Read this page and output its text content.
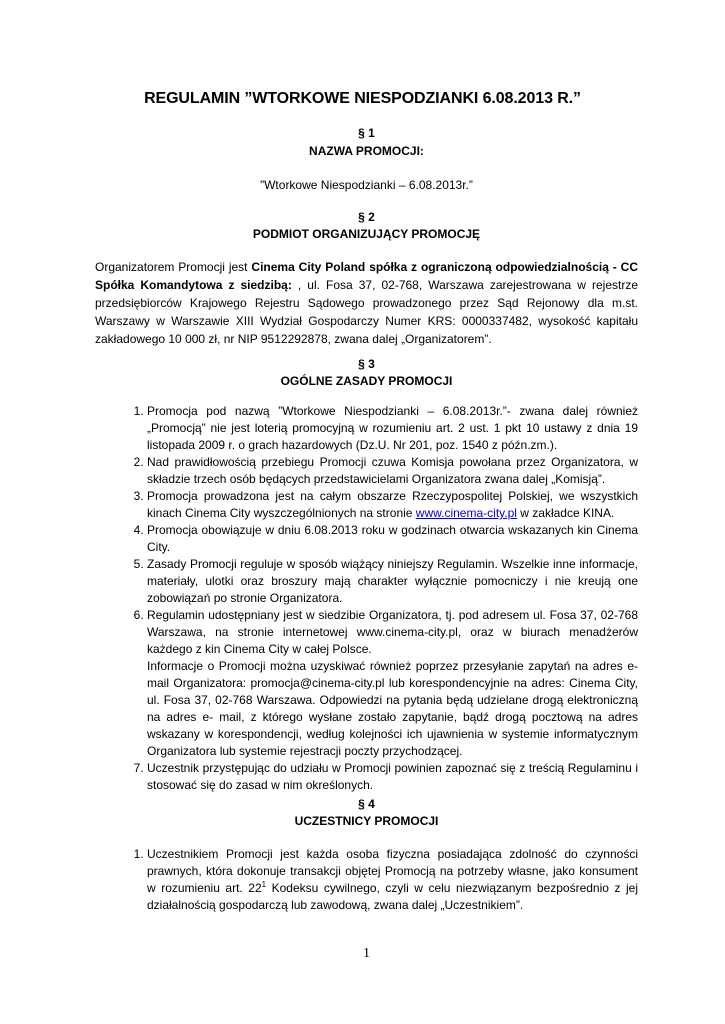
REGULAMIN ”WTORKOWE NIESPODZIANKI 6.08.2013 R.”
§ 1
NAZWA PROMOCJI:
”Wtorkowe Niespodzianki – 6.08.2013r.”
§ 2
PODMIOT ORGANIZUJĄCY PROMOCJĘ
Organizatorem Promocji jest Cinema City Poland spółka z ograniczoną odpowiedzialnością - CC Spółka Komandytowa z siedzibą: , ul. Fosa 37, 02-768, Warszawa zarejestrowana w rejestrze przedsiębiorców Krajowego Rejestru Sądowego prowadzonego przez Sąd Rejonowy dla m.st. Warszawy w Warszawie XIII Wydział Gospodarczy Numer KRS: 0000337482, wysokość kapitału zakładowego 10 000 zł, nr NIP 9512292878, zwana dalej „Organizatorem”.
§ 3
OGÓLNE ZASADY PROMOCJI
1. Promocja pod nazwą ”Wtorkowe Niespodzianki – 6.08.2013r.”- zwana dalej również „Promocją” nie jest loterią promocyjną w rozumieniu art. 2 ust. 1 pkt 10 ustawy z dnia 19 listopada 2009 r. o grach hazardowych (Dz.U. Nr 201, poz. 1540 z późn.zm.).
2. Nad prawidłowością przebiegu Promocji czuwa Komisja powołana przez Organizatora, w składzie trzech osób będących przedstawicielami Organizatora zwana dalej „Komisją”.
3. Promocja prowadzona jest na całym obszarze Rzeczypospolitej Polskiej, we wszystkich kinach Cinema City wyszczególnionych na stronie www.cinema-city.pl w zakładce KINA.
4. Promocja obowiązuje w dniu 6.08.2013 roku w godzinach otwarcia wskazanych kin Cinema City.
5. Zasady Promocji reguluje w sposób wiążący niniejszy Regulamin. Wszelkie inne informacje, materiały, ulotki oraz broszury mają charakter wyłącznie pomocniczy i nie kreują one zobowiązań po stronie Organizatora.
6. Regulamin udostępniany jest w siedzibie Organizatora, tj. pod adresem ul. Fosa 37, 02-768 Warszawa, na stronie internetowej www.cinema-city.pl, oraz w biurach menadżerów każdego z kin Cinema City w całej Polsce.
Informacje o Promocji można uzyskiwać również poprzez przesyłanie zapytań na adres e-mail Organizatora: promocja@cinema-city.pl lub korespondencyjnie na adres: Cinema City, ul. Fosa 37, 02-768 Warszawa. Odpowiedzi na pytania będą udzielane drogą elektroniczną na adres e- mail, z którego wysłane zostało zapytanie, bądź drogą pocztową na adres wskazany w korespondencji, według kolejności ich ujawnienia w systemie informatycznym Organizatora lub systemie rejestracji poczty przychodzącej.
7. Uczestnik przystępując do udziału w Promocji powinien zapoznać się z treścią Regulaminu i stosować się do zasad w nim określonych.
§ 4
UCZESTNICY PROMOCJI
1. Uczestnikiem Promocji jest każda osoba fizyczna posiadająca zdolność do czynności prawnych, która dokonuje transakcji objętej Promocją na potrzeby własne, jako konsument w rozumieniu art. $22^1$ Kodeksu cywilnego, czyli w celu niezwiązanym bezpośrednio z jej działalnością gospodarczą lub zawodową, zwana dalej „Uczestnikiem”.
1
